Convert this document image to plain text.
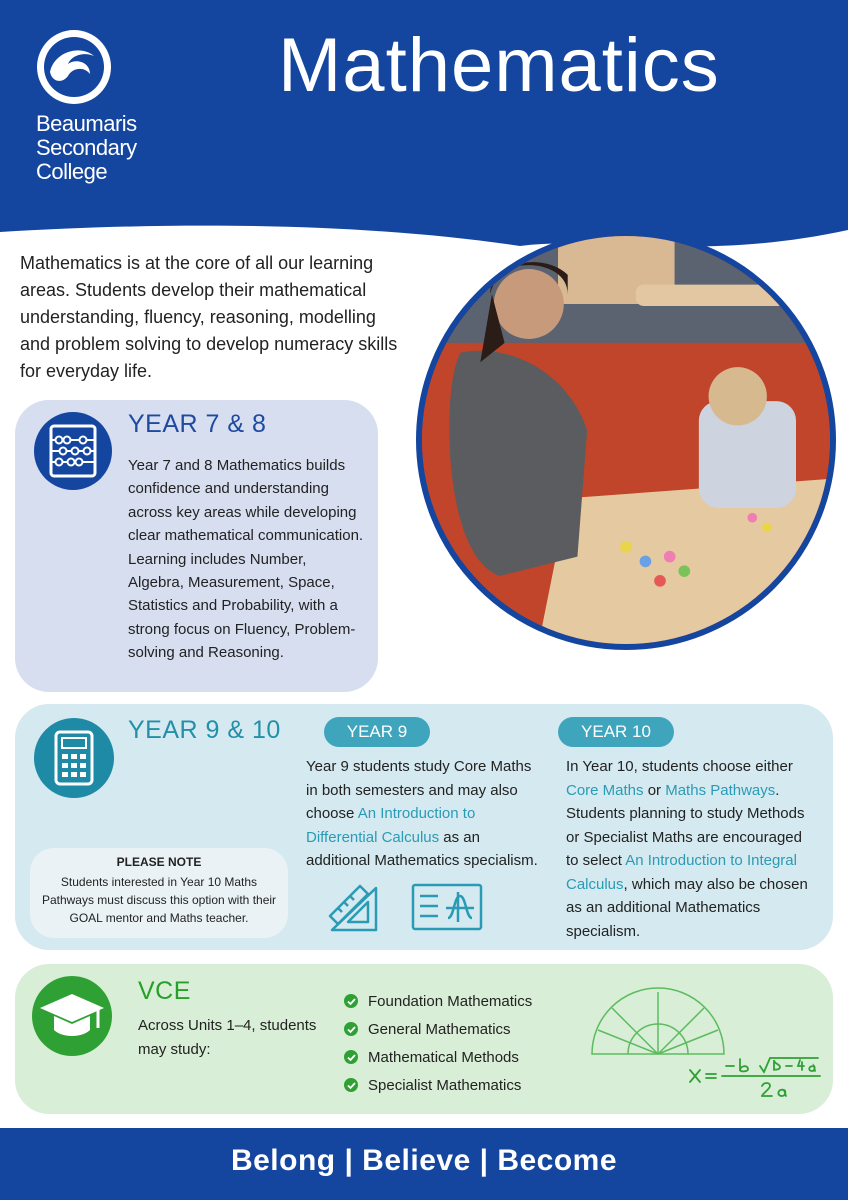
Beaumaris
Secondary
College
Mathematics
Mathematics is at the core of all our learning areas. Students develop their mathematical understanding, fluency, reasoning, modelling and problem solving to develop numeracy skills for everyday life.
YEAR 7 & 8
Year 7 and 8 Mathematics builds confidence and understanding across key areas while developing clear mathematical communication. Learning includes Number, Algebra, Measurement, Space, Statistics and Probability, with a strong focus on Fluency, Problem-solving and Reasoning.
YEAR 9 & 10	YEAR 9	YEAR 10
Year 9 students study Core Maths in both semesters and may also choose An Introduction to Differential Calculus as an additional Mathematics specialism.
In Year 10, students choose either Core Maths or Maths Pathways. Students planning to study Methods or Specialist Maths are encouraged to select An Introduction to Integral Calculus, which may also be chosen as an additional Mathematics specialism.
PLEASE NOTE
Students interested in Year 10 Maths Pathways must discuss this option with their GOAL mentor and Maths teacher.
VCE
Across Units 1–4, students may study:
Foundation Mathematics
General Mathematics
Mathematical Methods
Specialist Mathematics
Belong | Believe | Become
